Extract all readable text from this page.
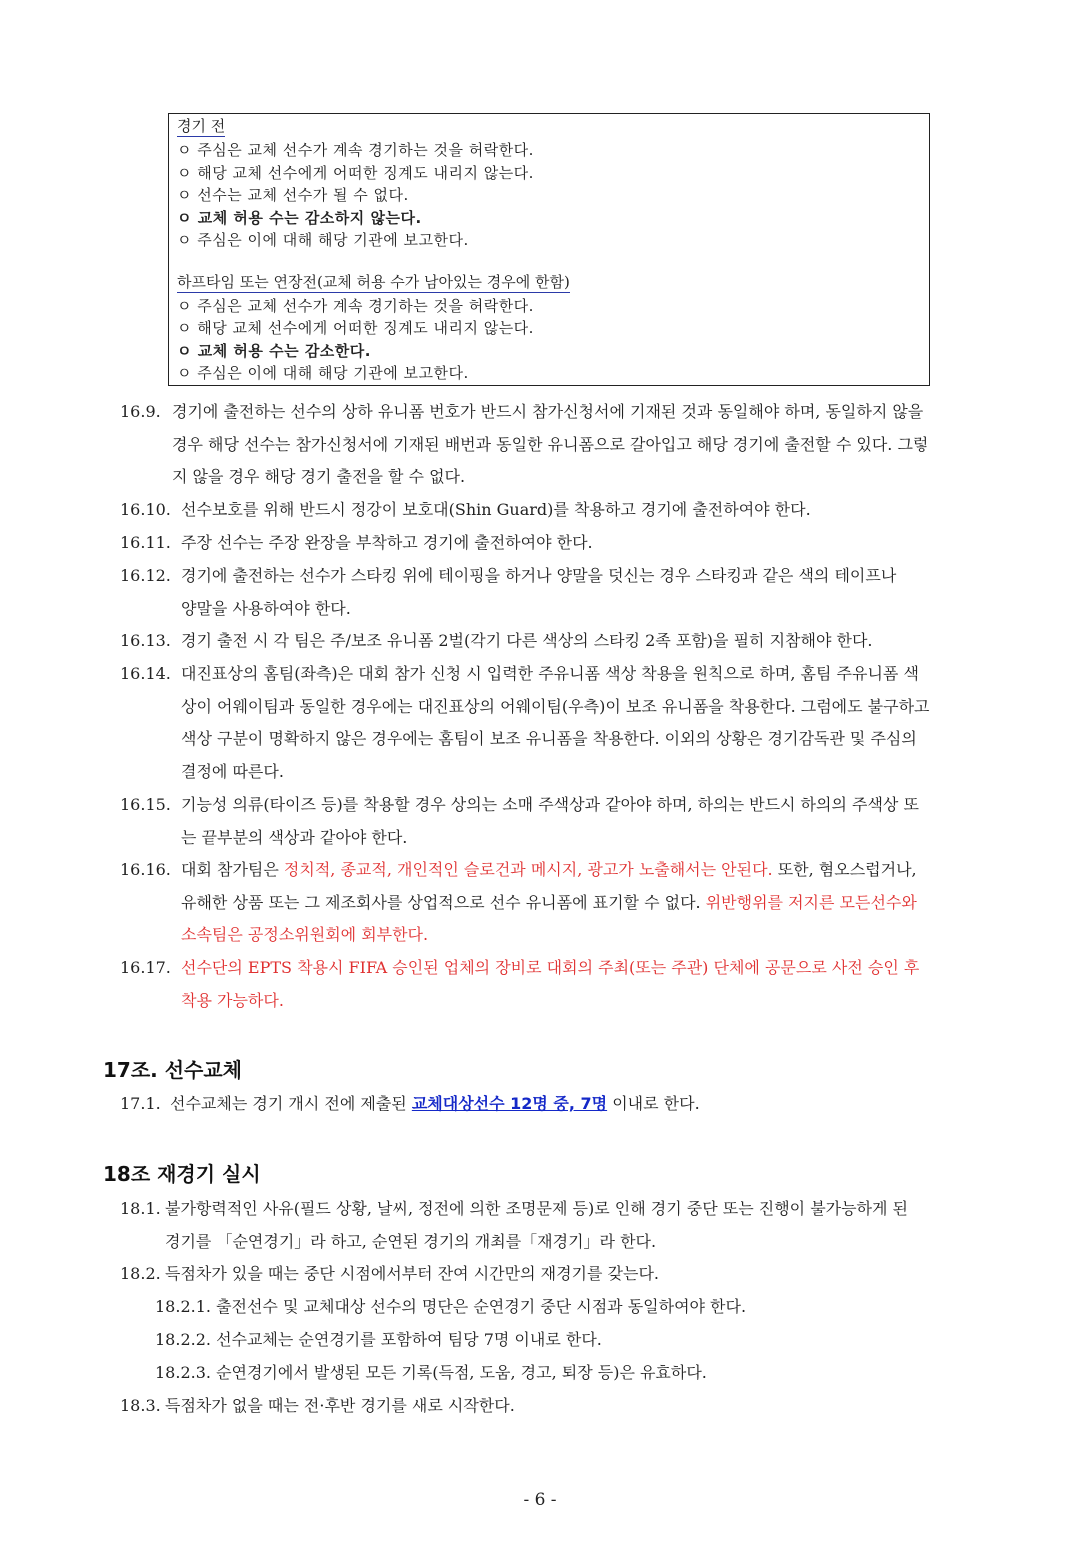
경기 전
ㅇ 주심은 교체 선수가 계속 경기하는 것을 허락한다.
ㅇ 해당 교체 선수에게 어떠한 징계도 내리지 않는다.
ㅇ 선수는 교체 선수가 될 수 없다.
ㅇ 교체 허용 수는 감소하지 않는다.
ㅇ 주심은 이에 대해 해당 기관에 보고한다.
하프타임 또는 연장전(교체 허용 수가 남아있는 경우에 한함)
ㅇ 주심은 교체 선수가 계속 경기하는 것을 허락한다.
ㅇ 해당 교체 선수에게 어떠한 징계도 내리지 않는다.
ㅇ 교체 허용 수는 감소한다.
ㅇ 주심은 이에 대해 해당 기관에 보고한다.
16.9. 경기에 출전하는 선수의 상하 유니폼 번호가 반드시 참가신청서에 기재된 것과 동일해야 하며, 동일하지 않을
경우 해당 선수는 참가신청서에 기재된 배번과 동일한 유니폼으로 갈아입고 해당 경기에 출전할 수 있다. 그렇
지 않을 경우 해당 경기 출전을 할 수 없다.
16.10. 선수보호를 위해 반드시 정강이 보호대(Shin Guard)를 착용하고 경기에 출전하여야 한다.
16.11. 주장 선수는 주장 완장을 부착하고 경기에 출전하여야 한다.
16.12. 경기에 출전하는 선수가 스타킹 위에 테이핑을 하거나 양말을 덧신는 경우 스타킹과 같은 색의 테이프나
양말을 사용하여야 한다.
16.13. 경기 출전 시 각 팀은 주/보조 유니폼 2벌(각기 다른 색상의 스타킹 2족 포함)을 필히 지참해야 한다.
16.14. 대진표상의 홈팀(좌측)은 대회 참가 신청 시 입력한 주유니폼 색상 착용을 원칙으로 하며, 홈팀 주유니폼 색
상이 어웨이팀과 동일한 경우에는 대진표상의 어웨이팀(우측)이 보조 유니폼을 착용한다. 그럼에도 불구하고
색상 구분이 명확하지 않은 경우에는 홈팀이 보조 유니폼을 착용한다. 이외의 상황은 경기감독관 및 주심의
결정에 따른다.
16.15. 기능성 의류(타이즈 등)를 착용할 경우 상의는 소매 주색상과 같아야 하며, 하의는 반드시 하의의 주색상 또
는 끝부분의 색상과 같아야 한다.
16.16. 대회 참가팀은 정치적, 종교적, 개인적인 슬로건과 메시지, 광고가 노출해서는 안된다. 또한, 혐오스럽거나,
유해한 상품 또는 그 제조회사를 상업적으로 선수 유니폼에 표기할 수 없다. 위반행위를 저지른 모든선수와
소속팀은 공정소위원회에 회부한다.
16.17. 선수단의 EPTS 착용시 FIFA 승인된 업체의 장비로 대회의 주최(또는 주관) 단체에 공문으로 사전 승인 후
착용 가능하다.
17조. 선수교체
17.1. 선수교체는 경기 개시 전에 제출된 교체대상선수 12명 중, 7명 이내로 한다.
18조 재경기 실시
18.1. 불가항력적인 사유(필드 상황, 날씨, 정전에 의한 조명문제 등)로 인해 경기 중단 또는 진행이 불가능하게 된
경기를 「순연경기」라 하고, 순연된 경기의 개최를「재경기」라 한다.
18.2. 득점차가 있을 때는 중단 시점에서부터 잔여 시간만의 재경기를 갖는다.
18.2.1. 출전선수 및 교체대상 선수의 명단은 순연경기 중단 시점과 동일하여야 한다.
18.2.2. 선수교체는 순연경기를 포함하여 팀당 7명 이내로 한다.
18.2.3. 순연경기에서 발생된 모든 기록(득점, 도움, 경고, 퇴장 등)은 유효하다.
18.3. 득점차가 없을 때는 전·후반 경기를 새로 시작한다.
- 6 -
